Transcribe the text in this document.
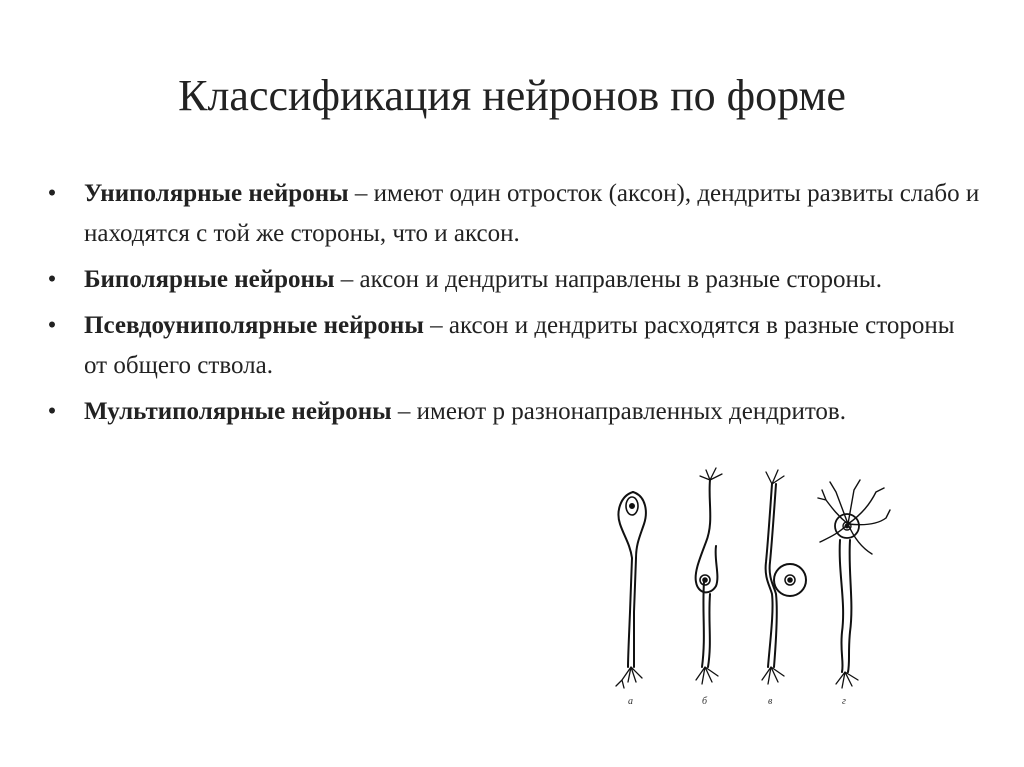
Классификация нейронов по форме
• Униполярные нейроны – имеют один отросток (аксон), дендриты развиты слабо и находятся с той же стороны, что и аксон.
• Биполярные нейроны – аксон и дендриты направлены в разные стороны.
• Псевдоуниполярные нейроны – аксон и дендриты расходятся в разные стороны от общего ствола.
• Мультиполярные нейроны – имеют р разнонаправленных дендритов.
а	б	в	г
